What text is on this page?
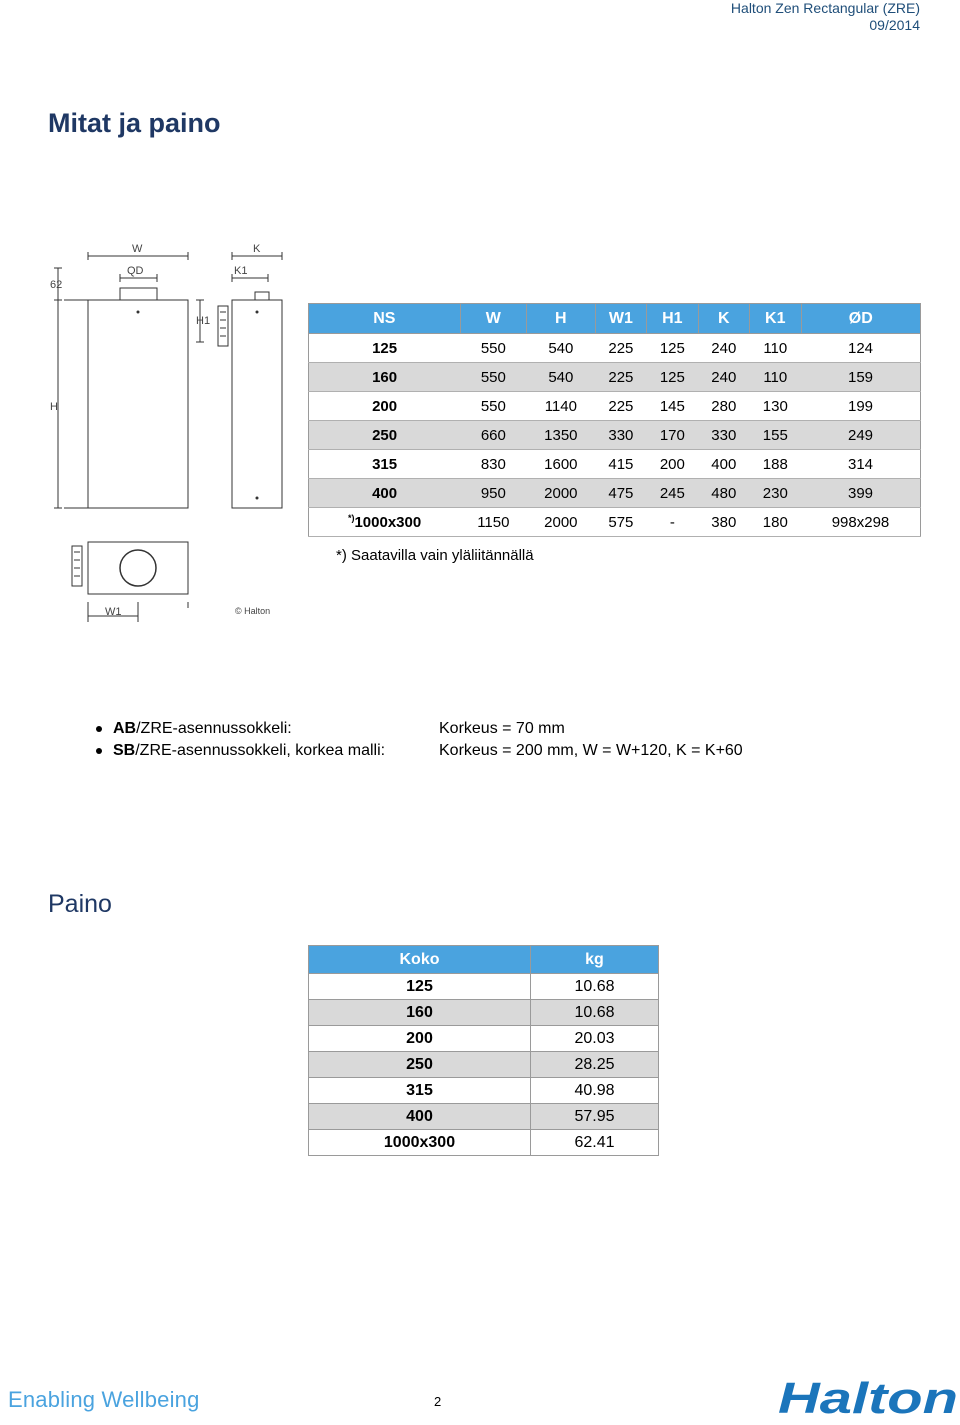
Halton Zen Rectangular (ZRE)
09/2014
Mitat ja paino
W
QD
K
K1
H
H1
62
W1	© Halton
NS	W	H	W1	H1	K	K1	ØD
125	550	540	225	125	240	110	124
160	550	540	225	125	240	110	159
200	550	1140	225	145	280	130	199
250	660	1350	330	170	330	155	249
315	830	1600	415	200	400	188	314
400	950	2000	475	245	480	230	399
*)1000x300	1150	2000	575	-	380	180	998x298
*) Saatavilla vain yläliitännällä
AB/ZRE-asennussokkeli:	Korkeus = 70 mm
SB/ZRE-asennussokkeli, korkea malli:	Korkeus = 200 mm, W = W+120, K = K+60
Paino
Koko	kg
125	10.68
160	10.68
200	20.03
250	28.25
315	40.98
400	57.95
1000x300	62.41
Enabling Wellbeing	2	Halton
